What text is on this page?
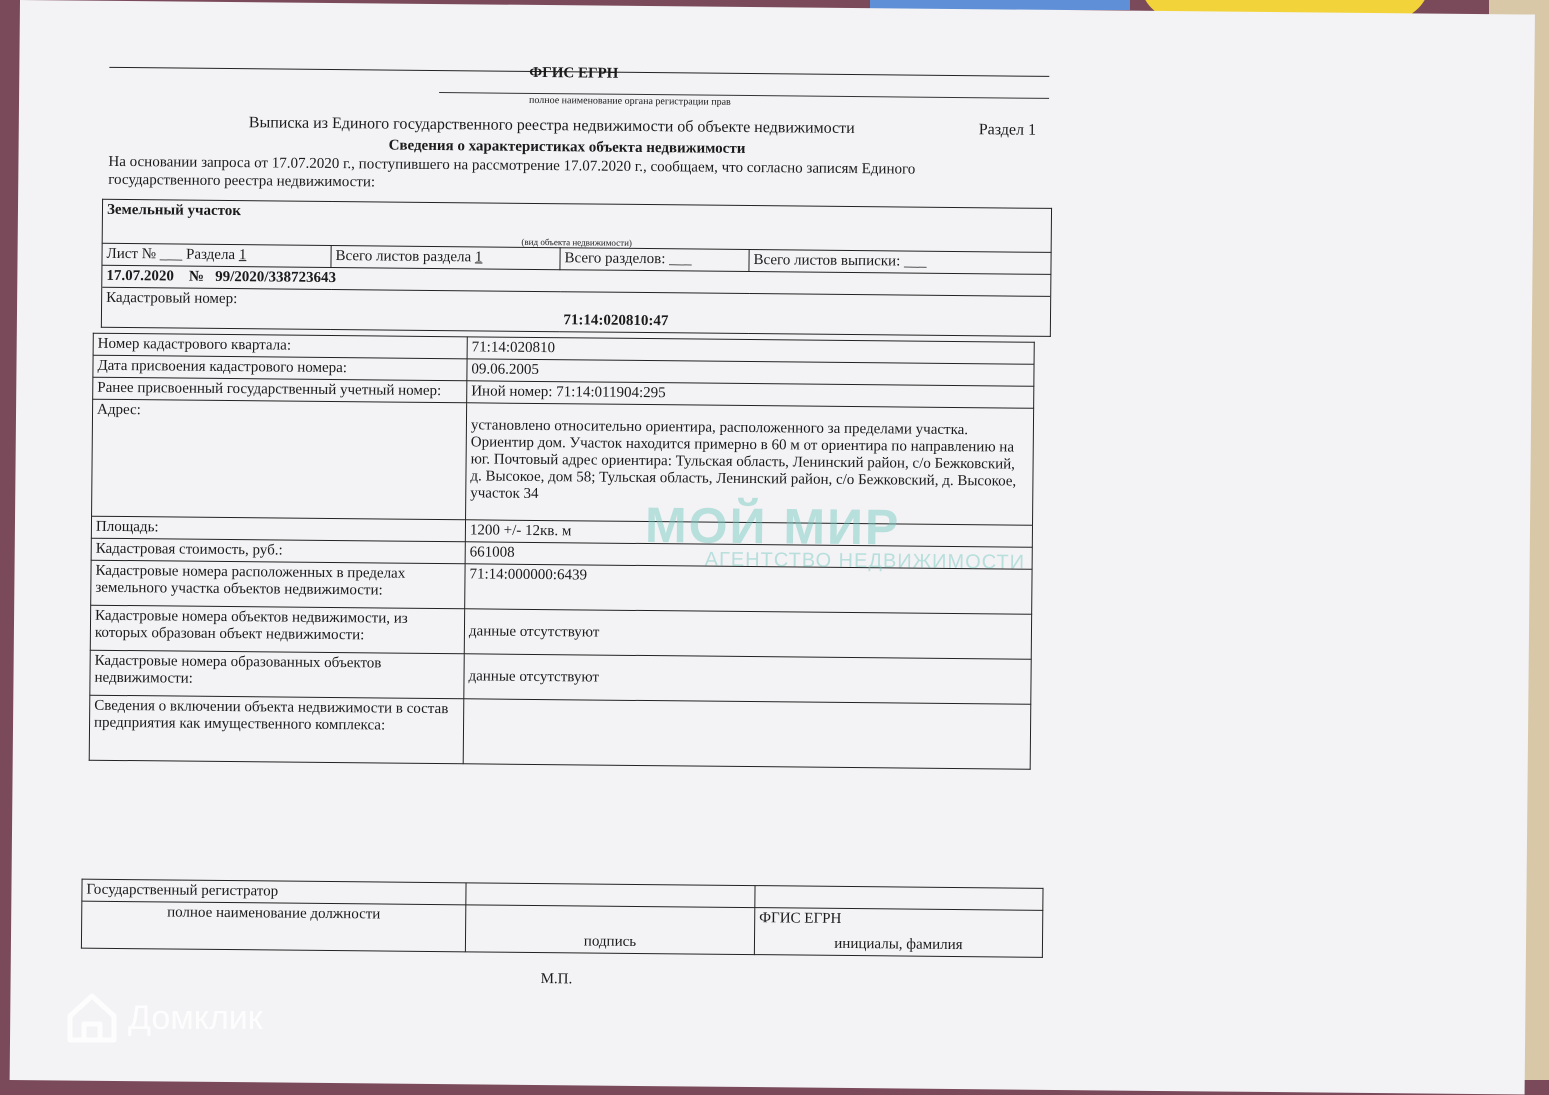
ФГИС ЕГРН
полное наименование органа регистрации прав
Выписка из Единого государственного реестра недвижимости об объекте недвижимости	Раздел 1
Сведения о характеристиках объекта недвижимости
На основании запроса от 17.07.2020 г., поступившего на рассмотрение 17.07.2020 г., сообщаем, что согласно записям Единого государственного реестра недвижимости:
Земельный участок
(вид объекта недвижимости)			

Лист № ___ Раздела 1	Всего листов раздела 1	Всего разделов: ___	Всего листов выписки: ___
17.07.2020 № 99/2020/338723643			
Кадастровый номер:		71:14:020810:47	
Номер кадастрового квартала:	71:14:020810
Дата присвоения кадастрового номера:	09.06.2005
Ранее присвоенный государственный учетный номер:	Иной номер: 71:14:011904:295
Адрес:	установлено относительно ориентира, расположенного за пределами участка. Ориентир дом. Участок находится примерно в 60 м от ориентира по направлению на юг. Почтовый адрес ориентира: Тульская область, Ленинский район, с/о Бежковский, д. Высокое, дом 58; Тульская область, Ленинский район, с/о Бежковский, д. Высокое, участок 34
Площадь:	1200 +/- 12кв. м
Кадастровая стоимость, руб.:	661008
Кадастровые номера расположенных в пределах земельного участка объектов недвижимости:	71:14:000000:6439
Кадастровые номера объектов недвижимости, из которых образован объект недвижимости:	данные отсутствуют
Кадастровые номера образованных объектов недвижимости:	данные отсутствуют
Сведения о включении объекта недвижимости в состав предприятия как имущественного комплекса:	
Государственный регистратор		
полное наименование должности	подпись	ФГИС ЕГРН
инициалы, фамилия
М.П.
МОЙ МИР
АГЕНТСТВО НЕДВИЖИМОСТИ
Домклик
